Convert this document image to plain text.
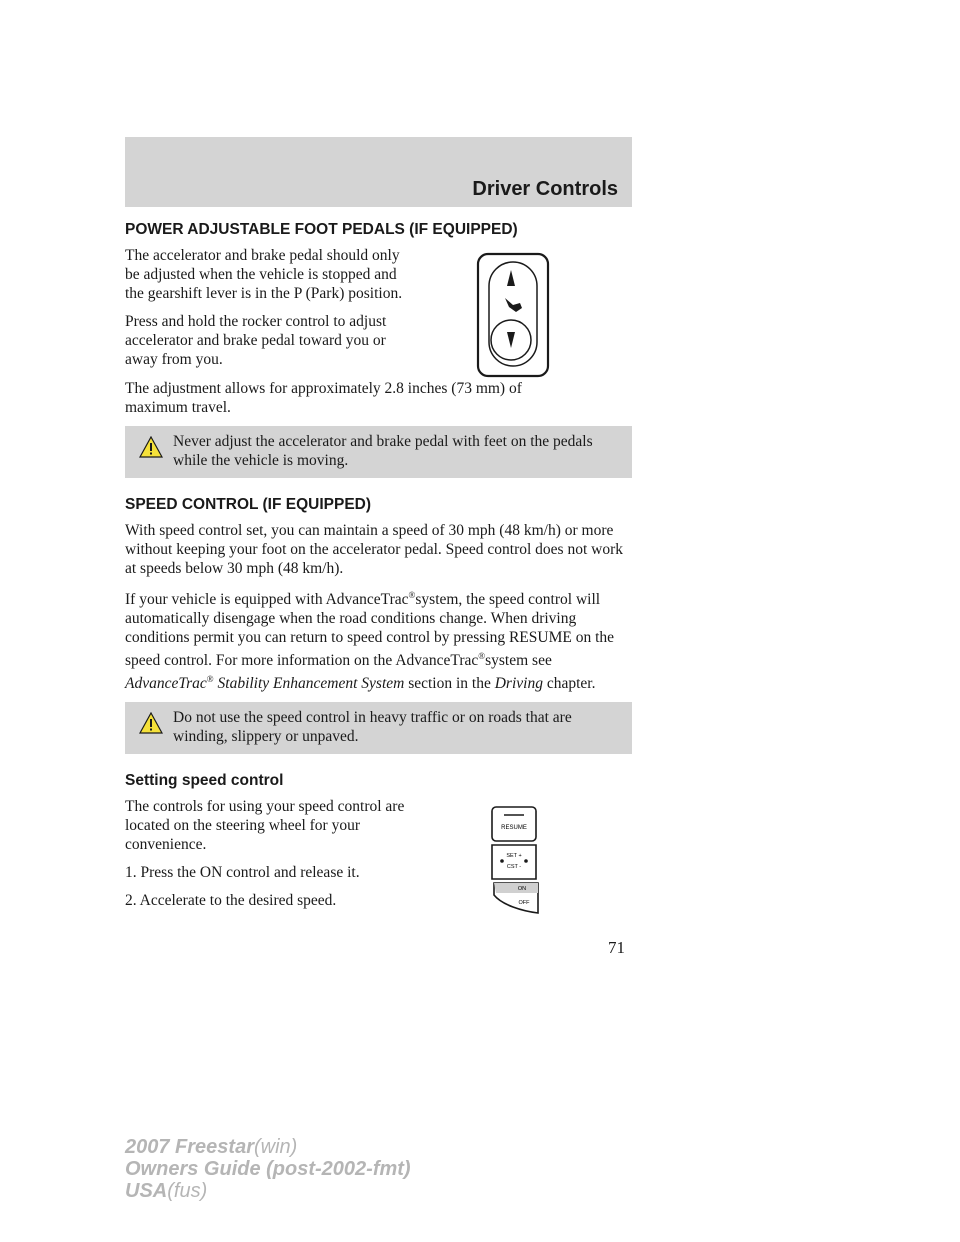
Driver Controls
POWER ADJUSTABLE FOOT PEDALS (IF EQUIPPED)

The accelerator and brake pedal should only be adjusted when the vehicle is stopped and the gearshift lever is in the P (Park) position.

Press and hold the rocker control to adjust accelerator and brake pedal toward you or away from you.

The adjustment allows for approximately 2.8 inches (73 mm) of maximum travel.

Never adjust the accelerator and brake pedal with feet on the pedals while the vehicle is moving.
SPEED CONTROL (IF EQUIPPED)

With speed control set, you can maintain a speed of 30 mph (48 km/h) or more without keeping your foot on the accelerator pedal. Speed control does not work at speeds below 30 mph (48 km/h).

If your vehicle is equipped with AdvanceTrac®system, the speed control will automatically disengage when the road conditions change. When driving conditions permit you can return to speed control by pressing RESUME on the speed control. For more information on the AdvanceTrac®system see AdvanceTrac® Stability Enhancement System section in the Driving chapter.

Do not use the speed control in heavy traffic or on roads that are winding, slippery or unpaved.
Setting speed control

The controls for using your speed control are located on the steering wheel for your convenience.

1. Press the ON control and release it.

2. Accelerate to the desired speed.

RESUME
SET +
CST -
ON
OFF
71
2007 Freestar(win)
Owners Guide (post-2002-fmt)
USA(fus)
